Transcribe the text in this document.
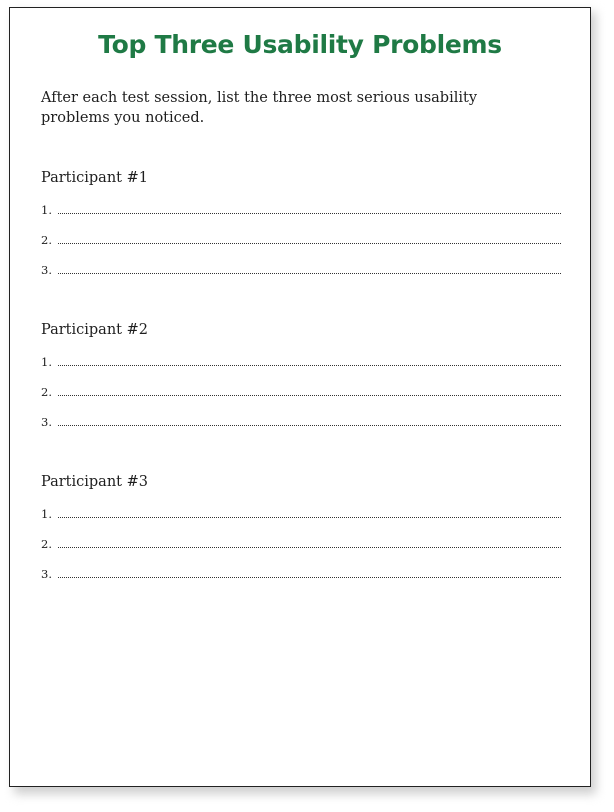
Top Three Usability Problems
After each test session, list the three most serious usability problems you noticed.
Participant #1
1.
2.
3.
Participant #2
1.
2.
3.
Participant #3
1.
2.
3.
